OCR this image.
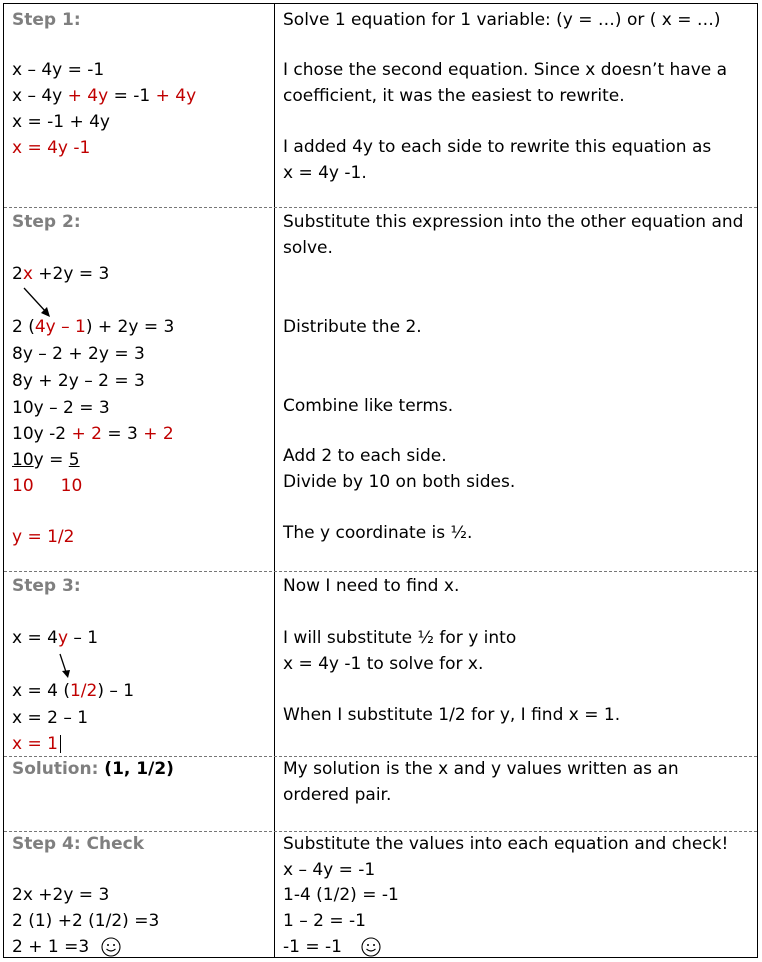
Step 1:
x – 4y = -1
x – 4y + 4y = -1 + 4y
x = -1 + 4y
x = 4y -1
Solve 1 equation for 1 variable: (y = …) or ( x = …)
I chose the second equation. Since x doesn’t have a
coefficient, it was the easiest to rewrite.
I added 4y to each side to rewrite this equation as
x = 4y -1.
Step 2:
2x +2y = 3
2 (4y – 1) + 2y = 3
8y – 2 + 2y = 3
8y + 2y – 2 = 3
10y – 2 = 3
10y -2 + 2 = 3 + 2
10y = 5
10     10
y = 1/2
Substitute this expression into the other equation and
solve.
Distribute the 2.
Combine like terms.
Add 2 to each side.
Divide by 10 on both sides.
The y coordinate is ½.
Step 3:
x = 4y – 1
x = 4 (1/2) – 1
x = 2 – 1
x = 1
Now I need to find x.
I will substitute ½ for y into
x = 4y -1 to solve for x.
When I substitute 1/2 for y, I find x = 1.
Solution: (1, 1/2)	My solution is the x and y values written as an
ordered pair.
Step 4: Check
2x +2y = 3
2 (1) +2 (1/2) =3
2 + 1 =3
Substitute the values into each equation and check!
x – 4y = -1
1-4 (1/2) = -1
1 – 2 = -1
-1 = -1
